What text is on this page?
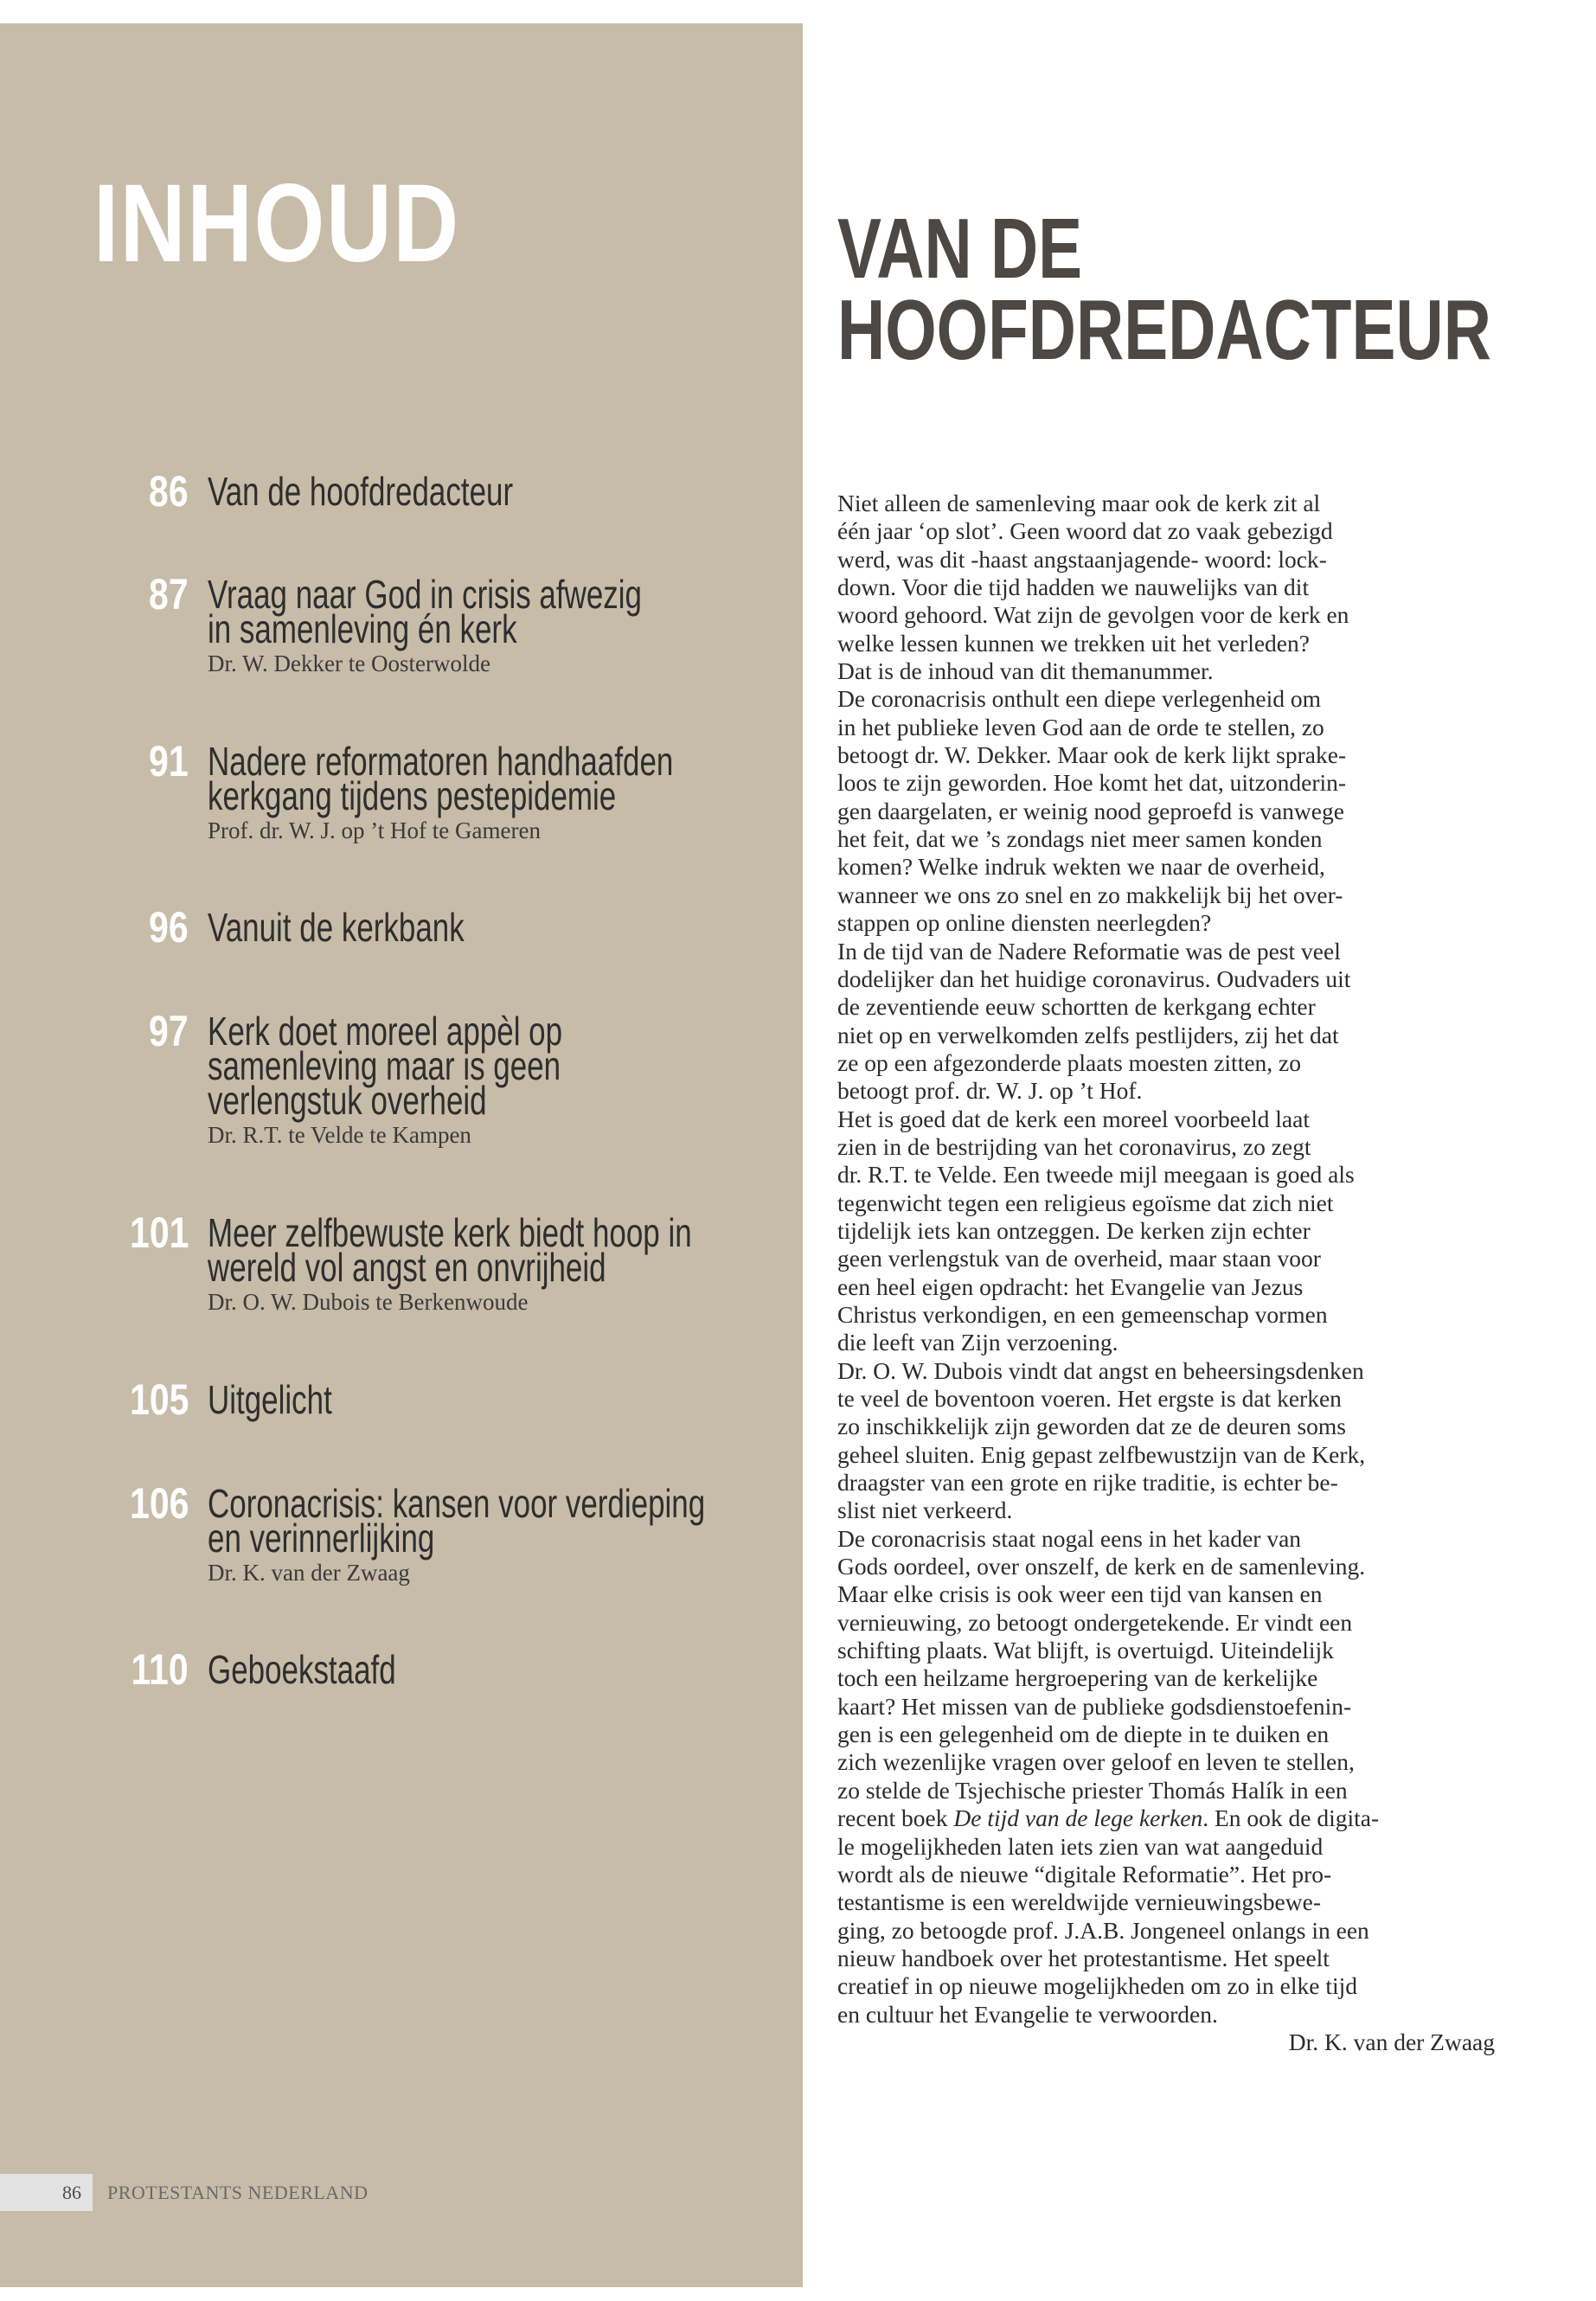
INHOUD
86 Van de hoofdredacteur
87 Vraag naar God in crisis afwezig
in samenleving én kerk
Dr. W. Dekker te Oosterwolde
91 Nadere reformatoren handhaafden
kerkgang tijdens pestepidemie
Prof. dr. W. J. op ’t Hof te Gameren
96 Vanuit de kerkbank
97 Kerk doet moreel appèl op
samenleving maar is geen
verlengstuk overheid
Dr. R.T. te Velde te Kampen
101 Meer zelfbewuste kerk biedt hoop in
wereld vol angst en onvrijheid
Dr. O. W. Dubois te Berkenwoude
105 Uitgelicht
106 Coronacrisis: kansen voor verdieping
en verinnerlijking
Dr. K. van der Zwaag
110 Geboekstaafd
86 PROTESTANTS NEDERLAND
VAN DE
HOOFDREDACTEUR
Niet alleen de samenleving maar ook de kerk zit al
één jaar ‘op slot’. Geen woord dat zo vaak gebezigd
werd, was dit -haast angstaanjagende- woord: lock-
down. Voor die tijd hadden we nauwelijks van dit
woord gehoord. Wat zijn de gevolgen voor de kerk en
welke lessen kunnen we trekken uit het verleden?
Dat is de inhoud van dit themanummer.
De coronacrisis onthult een diepe verlegenheid om
in het publieke leven God aan de orde te stellen, zo
betoogt dr. W. Dekker. Maar ook de kerk lijkt sprake-
loos te zijn geworden. Hoe komt het dat, uitzonderin-
gen daargelaten, er weinig nood geproefd is vanwege
het feit, dat we ’s zondags niet meer samen konden
komen? Welke indruk wekten we naar de overheid,
wanneer we ons zo snel en zo makkelijk bij het over-
stappen op online diensten neerlegden?
In de tijd van de Nadere Reformatie was de pest veel
dodelijker dan het huidige coronavirus. Oudvaders uit
de zeventiende eeuw schortten de kerkgang echter
niet op en verwelkomden zelfs pestlijders, zij het dat
ze op een afgezonderde plaats moesten zitten, zo
betoogt prof. dr. W. J. op ’t Hof.
Het is goed dat de kerk een moreel voorbeeld laat
zien in de bestrijding van het coronavirus, zo zegt
dr. R.T. te Velde. Een tweede mijl meegaan is goed als
tegenwicht tegen een religieus egoïsme dat zich niet
tijdelijk iets kan ontzeggen. De kerken zijn echter
geen verlengstuk van de overheid, maar staan voor
een heel eigen opdracht: het Evangelie van Jezus
Christus verkondigen, en een gemeenschap vormen
die leeft van Zijn verzoening.
Dr. O. W. Dubois vindt dat angst en beheersingsdenken
te veel de boventoon voeren. Het ergste is dat kerken
zo inschikkelijk zijn geworden dat ze de deuren soms
geheel sluiten. Enig gepast zelfbewustzijn van de Kerk,
draagster van een grote en rijke traditie, is echter be-
slist niet verkeerd.
De coronacrisis staat nogal eens in het kader van
Gods oordeel, over onszelf, de kerk en de samenleving.
Maar elke crisis is ook weer een tijd van kansen en
vernieuwing, zo betoogt ondergetekende. Er vindt een
schifting plaats. Wat blijft, is overtuigd. Uiteindelijk
toch een heilzame hergroepering van de kerkelijke
kaart? Het missen van de publieke godsdienstoefenin-
gen is een gelegenheid om de diepte in te duiken en
zich wezenlijke vragen over geloof en leven te stellen,
zo stelde de Tsjechische priester Thomás Halík in een
recent boek De tijd van de lege kerken. En ook de digita-
le mogelijkheden laten iets zien van wat aangeduid
wordt als de nieuwe “digitale Reformatie”. Het pro-
testantisme is een wereldwijde vernieuwingsbewe-
ging, zo betoogde prof. J.A.B. Jongeneel onlangs in een
nieuw handboek over het protestantisme. Het speelt
creatief in op nieuwe mogelijkheden om zo in elke tijd
en cultuur het Evangelie te verwoorden.
Dr. K. van der Zwaag
